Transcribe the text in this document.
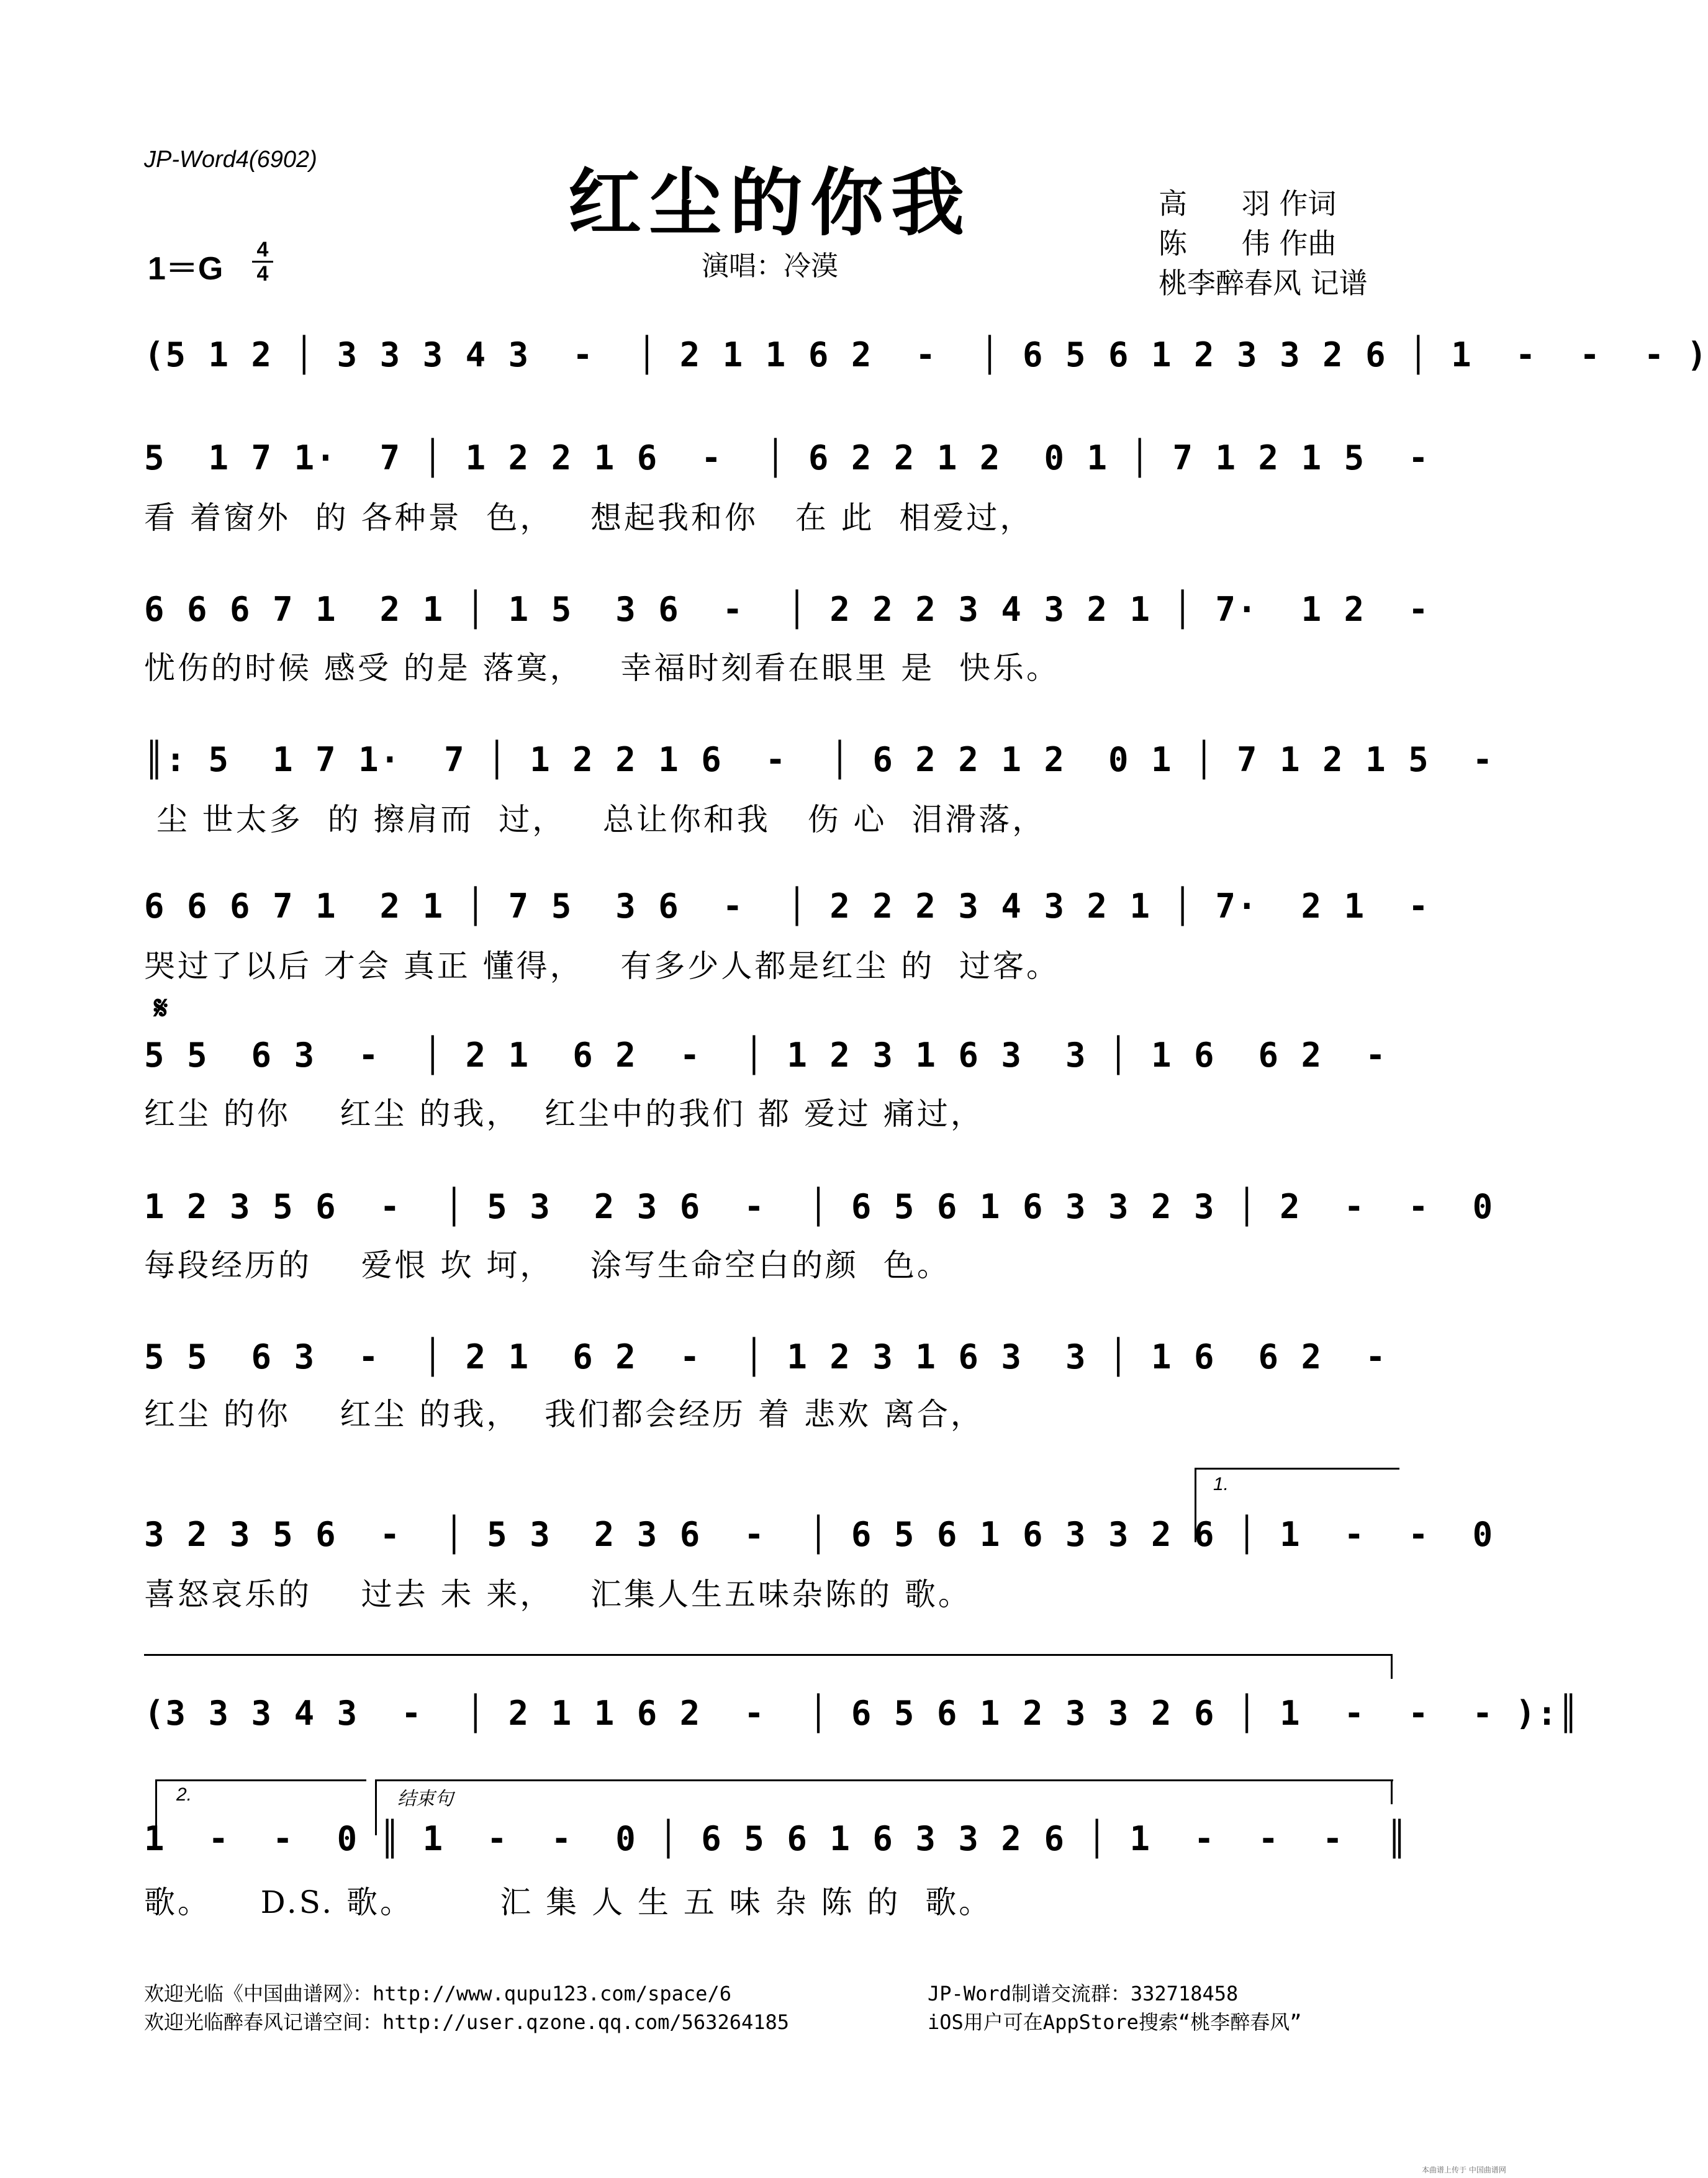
JP-Word4(6902)	红尘的你我	高      羽 作词
陈      伟 作曲
桃李醉春风 记谱
1＝G
4
4	演唱：冷漠
(5 1 2 │ 3 3 3 4 3  -  │ 2 1 1 6 2  -  │ 6 5 6 1 2 3 3 2 6 │ 1  -  -  - )
5  1 7 1·  7 │ 1 2 2 1 6  -  │ 6 2 2 1 2  0 1 │ 7 1 2 1 5  -
看 着窗外  的 各种景  色，   想起我和你   在 此  相爱过，
6 6 6 7 1  2 1 │ 1 5  3 6  -  │ 2 2 2 3 4 3 2 1 │ 7·  1 2  -
忧伤的时候 感受 的是 落寞，   幸福时刻看在眼里 是  快乐。
║: 5  1 7 1·  7 │ 1 2 2 1 6  -  │ 6 2 2 1 2  0 1 │ 7 1 2 1 5  -
尘 世太多  的 擦肩而  过，   总让你和我   伤 心  泪滑落，
6 6 6 7 1  2 1 │ 7 5  3 6  -  │ 2 2 2 3 4 3 2 1 │ 7·  2 1  -
哭过了以后 才会 真正 懂得，   有多少人都是红尘 的  过客。
𝄋
5 5  6 3  -  │ 2 1  6 2  -  │ 1 2 3 1 6 3  3 │ 1 6  6 2  -
红尘 的你    红尘 的我，  红尘中的我们 都 爱过 痛过，
1 2 3 5 6  -  │ 5 3  2 3 6  -  │ 6 5 6 1 6 3 3 2 3 │ 2  -  -  0
每段经历的    爱恨 坎 坷，   涂写生命空白的颜  色。
5 5  6 3  -  │ 2 1  6 2  -  │ 1 2 3 1 6 3  3 │ 1 6  6 2  -
红尘 的你    红尘 的我，  我们都会经历 着 悲欢 离合，
1.
3 2 3 5 6  -  │ 5 3  2 3 6  -  │ 6 5 6 1 6 3 3 2 6 │ 1  -  -  0
喜怒哀乐的    过去 未 来，   汇集人生五味杂陈的 歌。
(3 3 3 4 3  -  │ 2 1 1 6 2  -  │ 6 5 6 1 2 3 3 2 6 │ 1  -  -  - ):║
2.	结束句
1  -  -  0 ║ 1  -  -  0 │ 6 5 6 1 6 3 3 2 6 │ 1  -  -  -  ║
歌。    D.S. 歌。       汇 集 人 生 五 味 杂 陈 的  歌。
欢迎光临《中国曲谱网》：http://www.qupu123.com/space/6
欢迎光临醉春风记谱空间：http://user.qzone.qq.com/563264185
JP-Word制谱交流群：332718458
iOS用户可在AppStore搜索“桃李醉春风”
本曲谱上传于 中国曲谱网
